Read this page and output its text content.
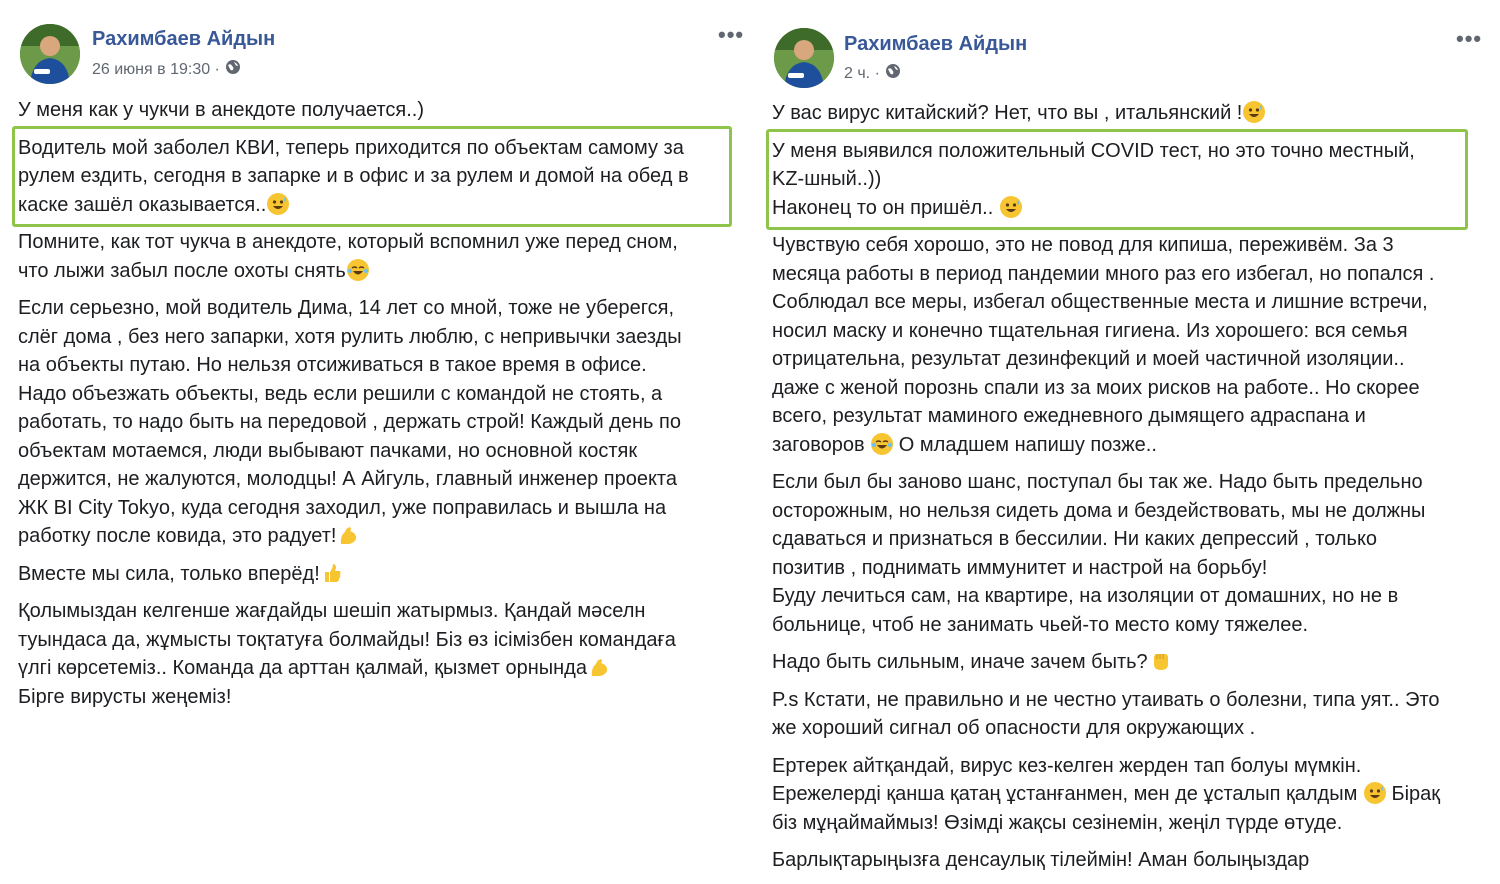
Рахимбаев Айдын
26 июня в 19:30 ·
•••
У меня как у чукчи в анекдоте получается..)
Водитель мой заболел КВИ, теперь приходится по объектам самому за
рулем ездить, сегодня в запарке и в офис и за рулем и домой на обед в
каске зашёл оказывается..
Помните, как тот чукча в анекдоте, который вспомнил уже перед сном,
что лыжи забыл после охоты снять
Если серьезно, мой водитель Дима, 14 лет со мной, тоже не уберегся,
слёг дома , без него запарки, хотя рулить люблю, с непривычки заезды
на объекты путаю. Но нельзя отсиживаться в такое время в офисе.
Надо объезжать объекты, ведь если решили с командой не стоять, а
работать, то надо быть на передовой , держать строй! Каждый день по
объектам мотаемся, люди выбывают пачками, но основной костяк
держится, не жалуются, молодцы! А Айгуль, главный инженер проекта
ЖК BI City Tokyo, куда сегодня заходил, уже поправилась и вышла на
работку после ковида, это радует!
Вместе мы сила, только вперёд!
Қолымыздан келгенше жағдайды шешіп жатырмыз. Қандай мәселн
туындаса да, жұмысты тоқтатуға болмайды! Біз өз ісімізбен командаға
үлгі көрсетеміз.. Команда да арттан қалмай, қызмет орнында
Бірге вирусты жеңеміз!
Рахимбаев Айдын
2 ч. ·
•••
У вас вирус китайский? Нет, что вы , итальянский !
У меня выявился положительный COVID тест, но это точно местный,
KZ-шный..))
Наконец то он пришёл..
Чувствую себя хорошо, это не повод для кипиша, переживём. За 3
месяца работы в период пандемии много раз его избегал, но попался .
Соблюдал все меры, избегал общественные места и лишние встречи,
носил маску и конечно тщательная гигиена. Из хорошего: вся семья
отрицательна, результат дезинфекций и моей частичной изоляции..
даже с женой порознь спали из за моих рисков на работе.. Но скорее
всего, результат маминого ежедневного дымящего адраспана и
заговоров О младшем напишу позже..
Если был бы заново шанс, поступал бы так же. Надо быть предельно
осторожным, но нельзя сидеть дома и бездействовать, мы не должны
сдаваться и признаться в бессилии. Ни каких депрессий , только
позитив , поднимать иммунитет и настрой на борьбу!
Буду лечиться сам, на квартире, на изоляции от домашних, но не в
больнице, чтоб не занимать чьей-то место кому тяжелее.
Надо быть сильным, иначе зачем быть?
P.s Кстати, не правильно и не честно утаивать о болезни, типа уят.. Это
же хороший сигнал об опасности для окружающих .
Ертерек айтқандай, вирус кез-келген жерден тап болуы мүмкін.
Ережелерді қанша қатаң ұстанғанмен, мен де ұсталып қалдым Бірақ
біз мұңаймаймыз! Өзімді жақсы сезінемін, жеңіл түрде өтуде.
Барлықтарыңызға денсаулық тілеймін! Аман болыңыздар
